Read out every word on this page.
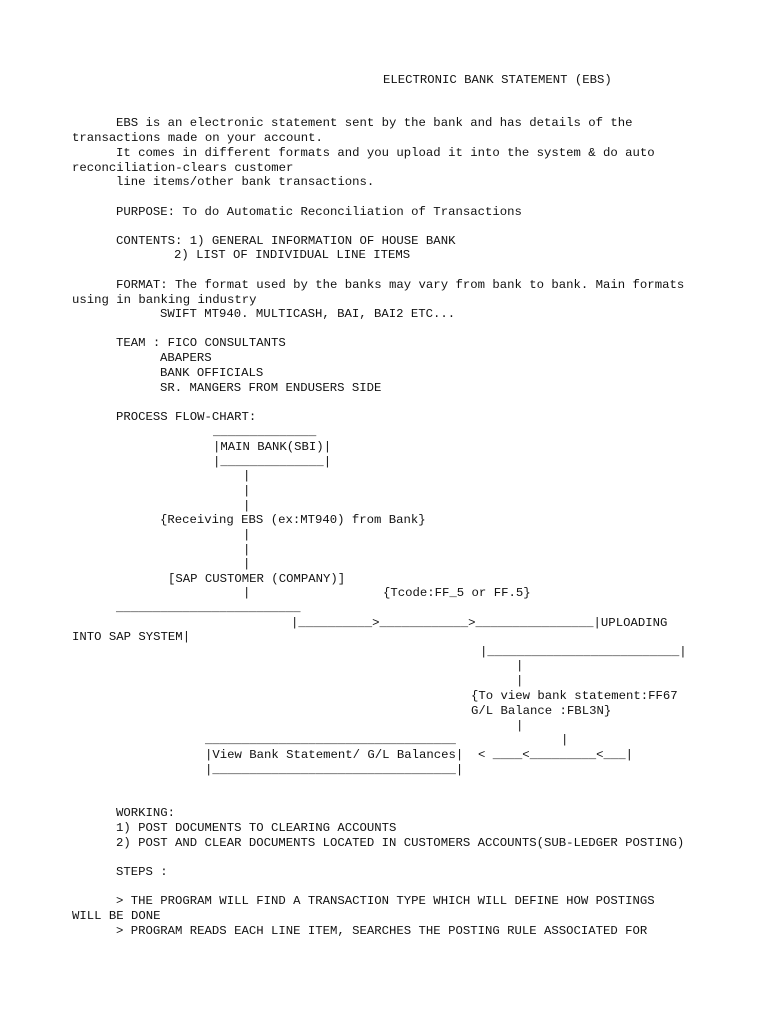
ELECTRONIC BANK STATEMENT (EBS)
EBS is an electronic statement sent by the bank and has details of the
transactions made on your account.
It comes in different formats and you upload it into the system & do auto
reconciliation-clears customer
line items/other bank transactions.
PURPOSE: To do Automatic Reconciliation of Transactions
CONTENTS: 1) GENERAL INFORMATION OF HOUSE BANK
2) LIST OF INDIVIDUAL LINE ITEMS
FORMAT: The format used by the banks may vary from bank to bank. Main formats
using in banking industry
SWIFT MT940. MULTICASH, BAI, BAI2 ETC...
TEAM : FICO CONSULTANTS
ABAPERS
BANK OFFICIALS
SR. MANGERS FROM ENDUSERS SIDE
PROCESS FLOW-CHART:
______________
|MAIN BANK(SBI)|
|______________|
|
|
|
{Receiving EBS (ex:MT940) from Bank}
|
|
|
[SAP CUSTOMER (COMPANY)]
|	{Tcode:FF_5 or FF.5}
_________________________
|__________>____________>________________|UPLOADING
INTO SAP SYSTEM|
|__________________________|
|
|
{To view bank statement:FF67
G/L Balance :FBL3N}
|
__________________________________	|
|View Bank Statement/ G/L Balances|  < ____<_________<___|
|_________________________________|
WORKING:
1) POST DOCUMENTS TO CLEARING ACCOUNTS
2) POST AND CLEAR DOCUMENTS LOCATED IN CUSTOMERS ACCOUNTS(SUB-LEDGER POSTING)
STEPS :
> THE PROGRAM WILL FIND A TRANSACTION TYPE WHICH WILL DEFINE HOW POSTINGS
WILL BE DONE
> PROGRAM READS EACH LINE ITEM, SEARCHES THE POSTING RULE ASSOCIATED FOR
